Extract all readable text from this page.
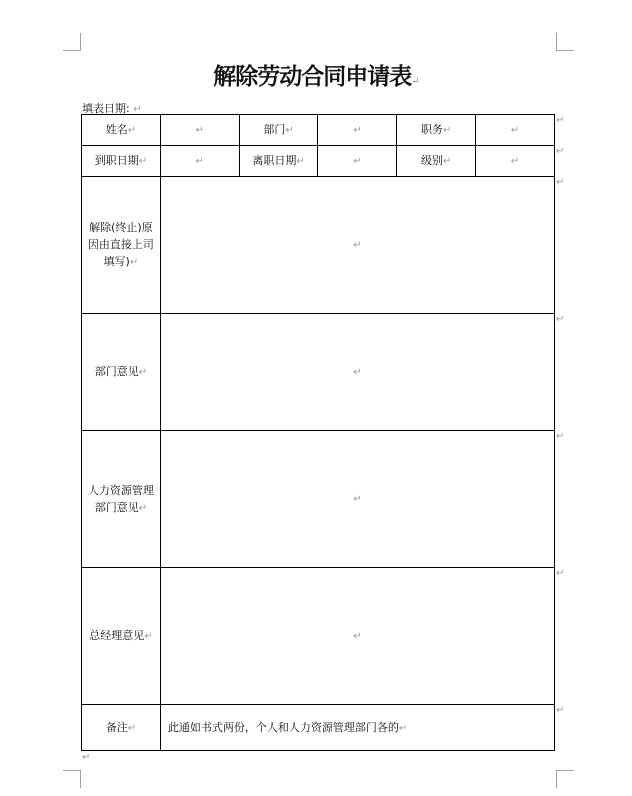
解除劳动合同申请表↵
填表日期: ↵
姓名↵	↵	部门↵	↵	职务↵	↵
到职日期↵	↵	离职日期↵	↵	级别↵	↵
解除(终止)原因由直接上司填写)↵	↵				
部门意见↵	↵				
人力资源管理部门意见↵	↵				
总经理意见↵	↵				
备注↵	此通如书式两份，个人和人力资源管理部门各的↵				
↵
↵
↵
↵
↵
↵
↵
↵
